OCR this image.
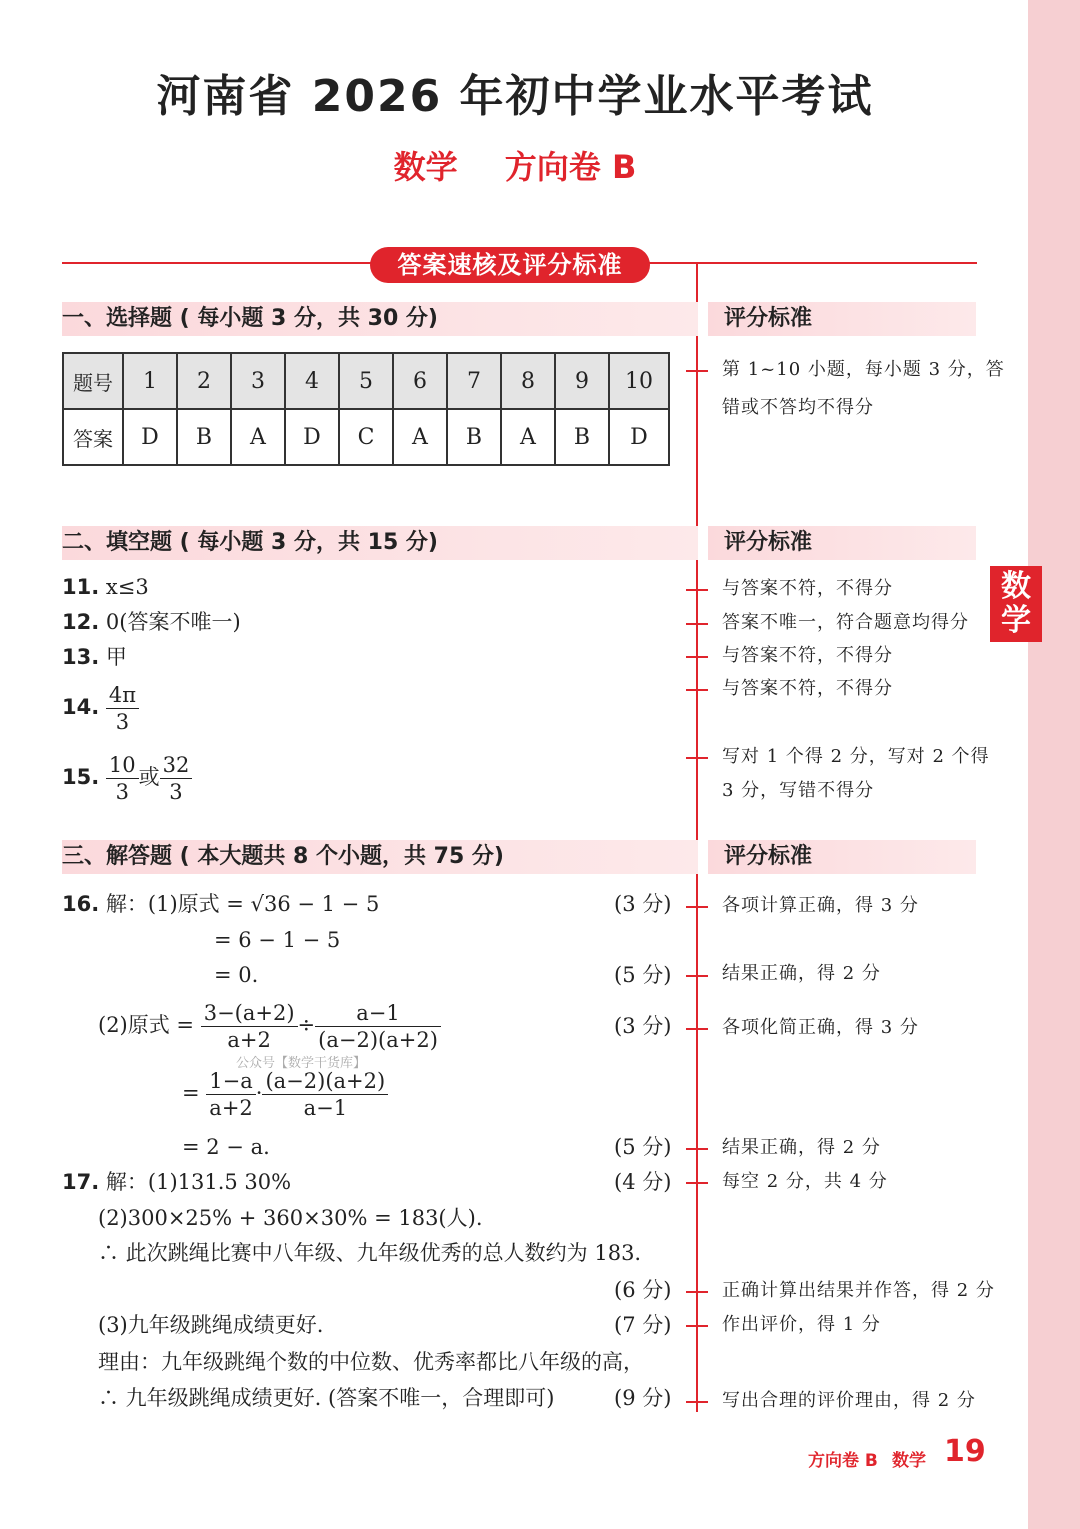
数学
河南省 2026 年初中学业水平考试
数学 方向卷 B
答案速核及评分标准
一、选择题 ( 每小题 3 分，共 30 分)	评分标准
题号	1	2	3	4	5	6	7	8	9	10
答案	D	B	A	D	C	A	B	A	B	D
第 1~10 小题，每小题 3 分，答
错或不答均不得分
二、填空题 ( 每小题 3 分，共 15 分)	评分标准
11. x≤3
12. 0(答案不唯一)
13. 甲
14. $\frac{4\pi}{3}$
15. $\frac{10}{3}$ 或 $\frac{32}{3}$
与答案不符，不得分
答案不唯一，符合题意均得分
与答案不符，不得分
与答案不符，不得分
写对 1 个得 2 分，写对 2 个得
3 分，写错不得分
三、解答题 ( 本大题共 8 个小题，共 75 分)	评分标准
16. 解：(1)原式 = √36 − 1 − 5
= 6 − 1 − 5
= 0.
(2)原式 = $\frac{3-(a+2)}{a+2} \div \frac{a-1}{(a-2)(a+2)}$
公众号【数学干货库】
= $\frac{1-a}{a+2} \cdot \frac{(a-2)(a+2)}{a-1}$
= 2 − a.
(3 分)
(5 分)
(3 分)
(5 分)
各项计算正确，得 3 分
结果正确，得 2 分
各项化简正确，得 3 分
结果正确，得 2 分
17. 解：(1)131.5 30%
(2)300×25% + 360×30% = 183(人).
∴ 此次跳绳比赛中八年级、九年级优秀的总人数约为 183.
(3)九年级跳绳成绩更好.
理由：九年级跳绳个数的中位数、优秀率都比八年级的高，
∴ 九年级跳绳成绩更好. (答案不唯一，合理即可)
(4 分)
(6 分)
(7 分)
(9 分)
每空 2 分，共 4 分
正确计算出结果并作答，得 2 分
作出评价，得 1 分
写出合理的评价理由，得 2 分
方向卷 B 数学 19
